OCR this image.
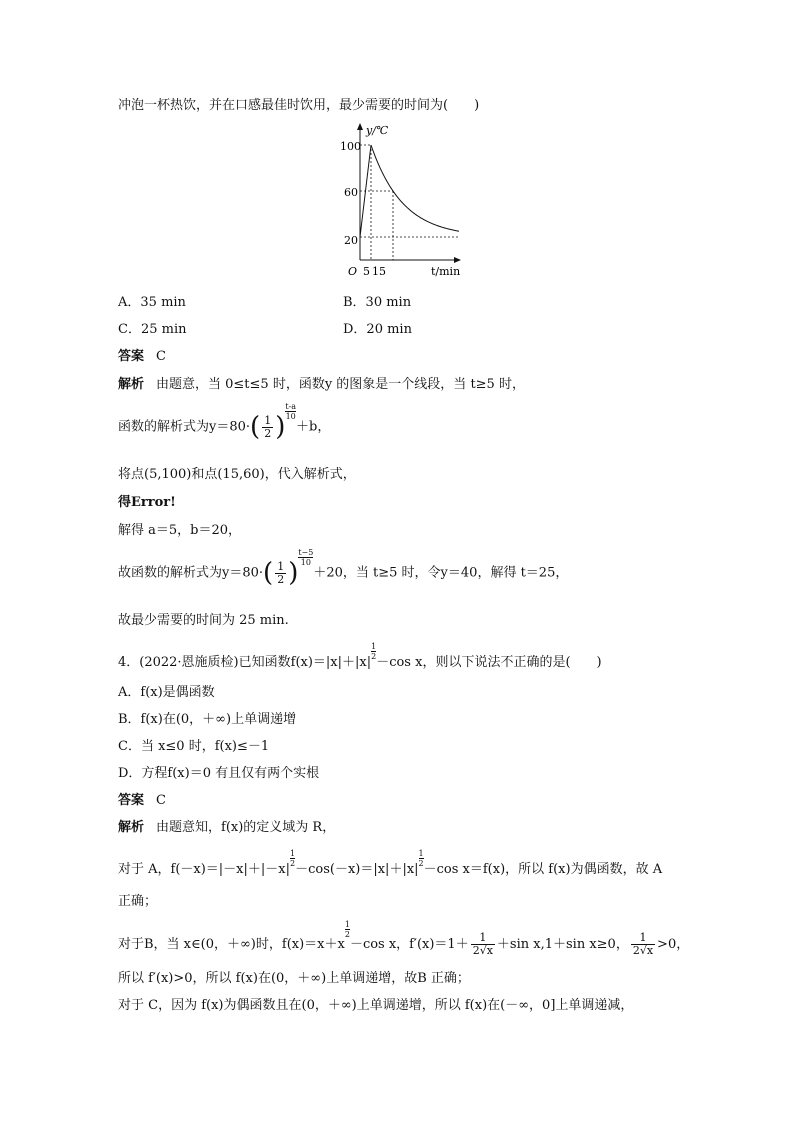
冲泡一杯热饮，并在口感最佳时饮用，最少需要的时间为(　　)
y/℃
t/min
O
100
60
20
5 15
A．35 min	B．30 min
C．25 min	D．20 min
答案 C
解析 由题意，当 0≤t≤5 时，函数y 的图象是一个线段，当 t≥5 时，
函数的解析式为$y=80\cdot( \frac{1}{2}$ )
$\frac{t-a}{10}+b$，
将点(5,100)和点(15,60)，代入解析式，
得Error!
解得 a＝5，b＝20，
故函数的解析式为$y=80\cdot( \frac{1}{2}$ )
$\frac{t-5}{10}+20$，当 t≥5 时，令y＝40，解得 t＝25，
故最少需要的时间为 25 min.
4．(2022·恩施质检)已知函数f(x)＝|x|＋|x|
$\frac{1}{2}-\cos$ x，则以下说法不正确的是(　　)
A．f(x)是偶函数
B．f(x)在(0，＋∞)上单调递增
C．当 x≤0 时，f(x)≤－1
D．方程f(x)＝0 有且仅有两个实根
答案 C
解析 由题意知，f(x)的定义域为 R，
对于 A，f(－x)＝|－x|＋|－x|
$\frac{1}{2}-\cos(-x)=|x|+|x|$
$\frac{1}{2}-\cos$ x＝f(x)，所以 f(x)为偶函数，故 A
正确；
对于B，当 x∈(0，＋∞)时，f(x)＝x＋x
$\frac{1}{2}-\cos$ x，$f'(x)=1+ \frac{1}{2√x} +\sin$ x,1＋sin x≥0， $\frac{1}{2√x} >0$，
所以 f′(x)>0，所以 f(x)在(0，＋∞)上单调递增，故B 正确；
对于 C，因为 f(x)为偶函数且在(0，＋∞)上单调递增，所以 f(x)在(－∞，0]上单调递减，
